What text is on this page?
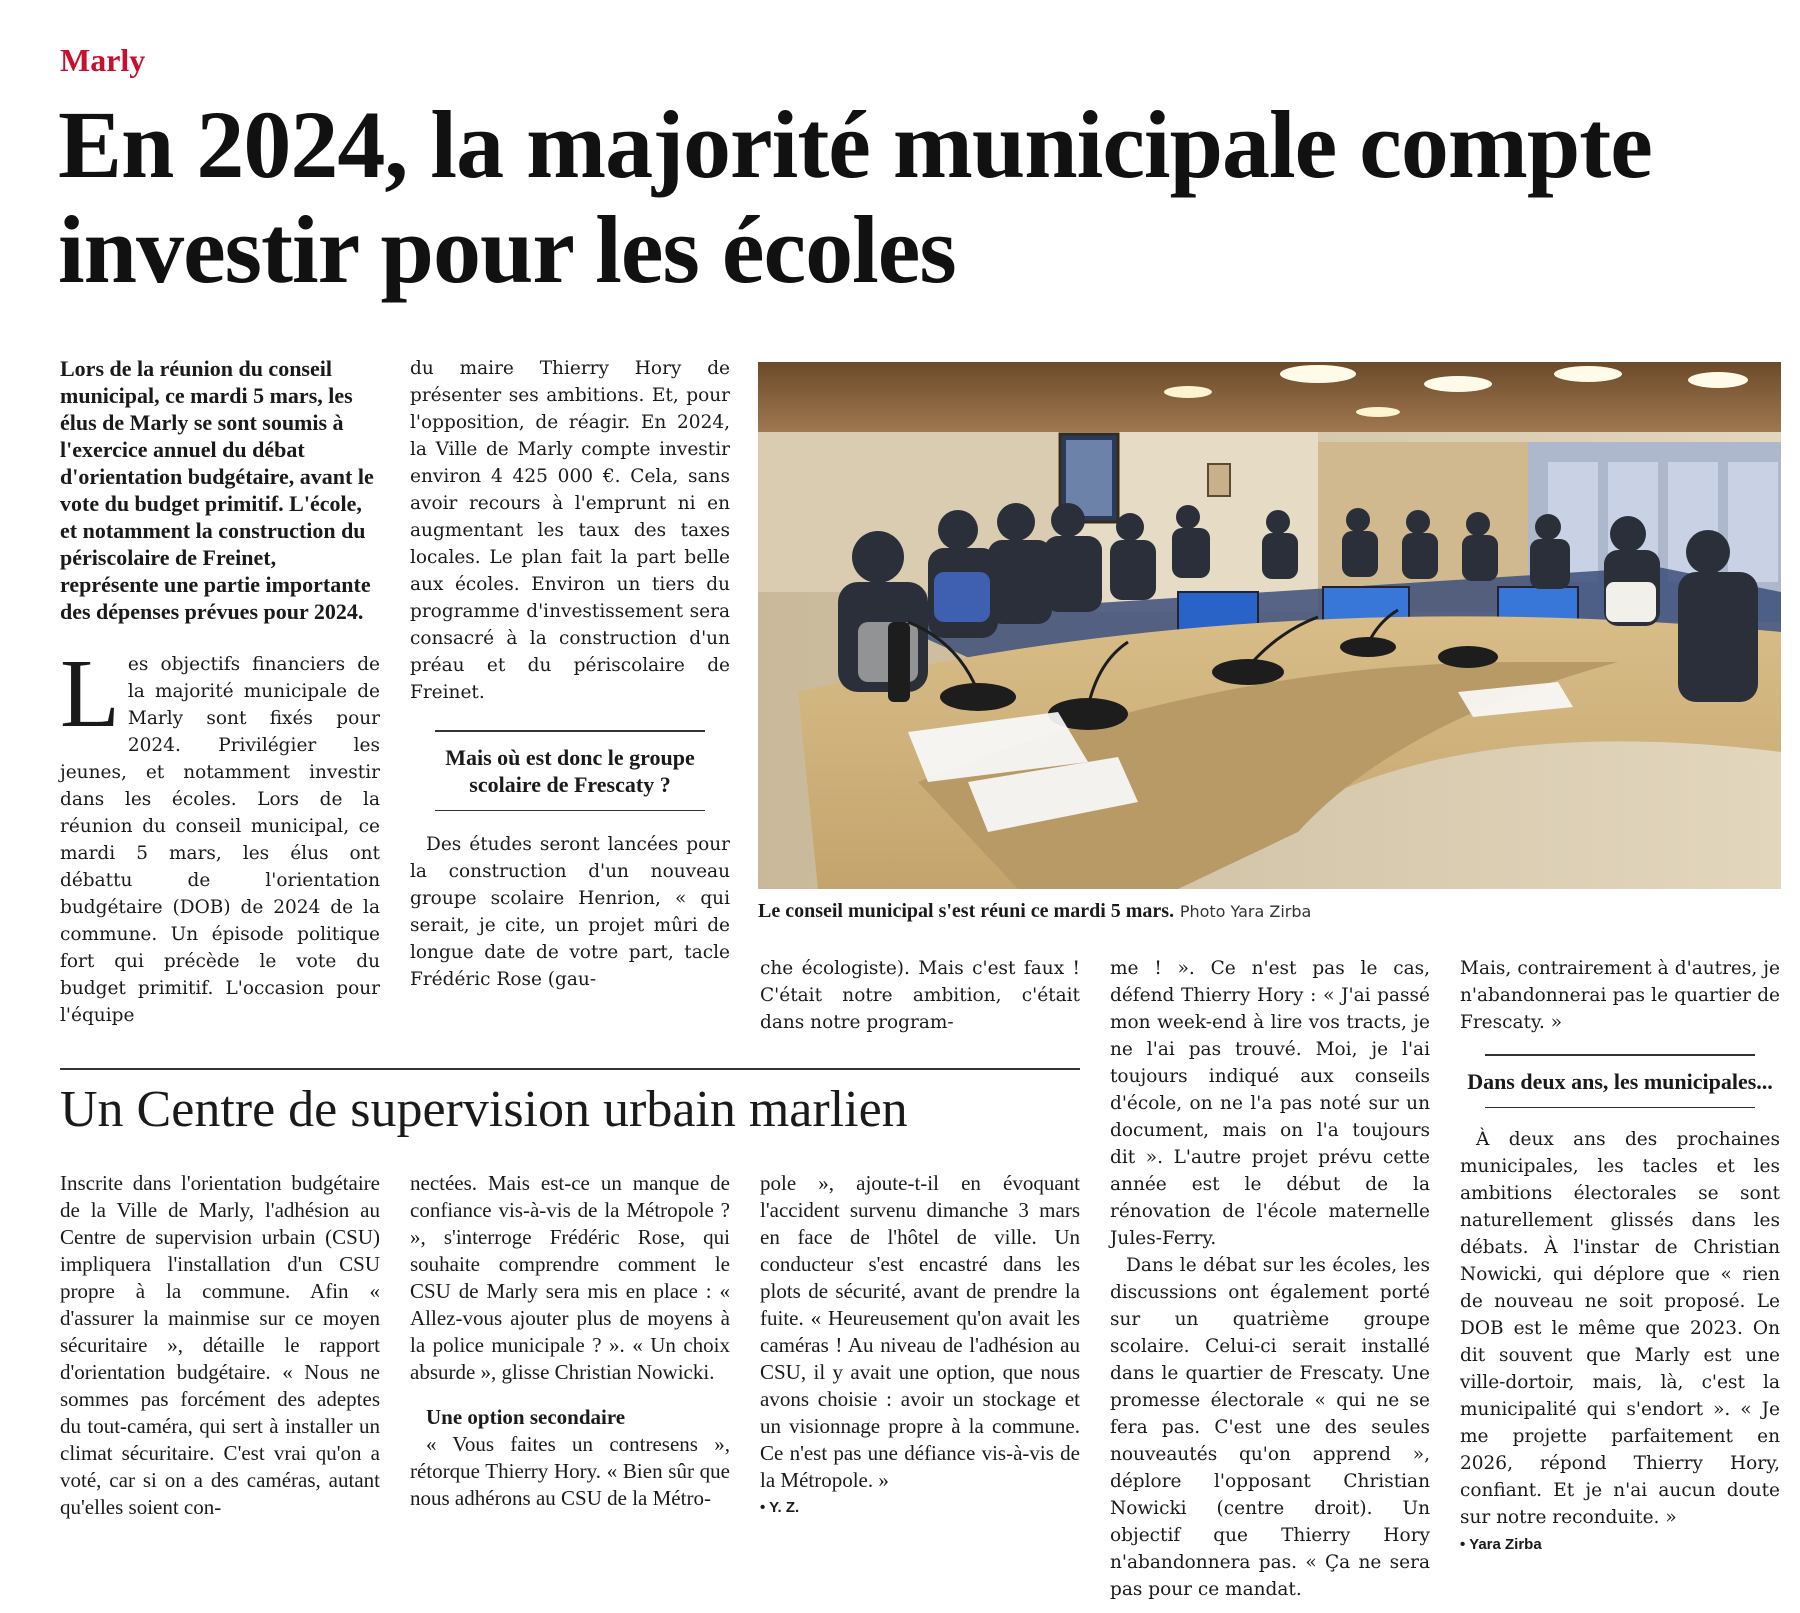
Marly
En 2024, la majorité municipale compte investir pour les écoles
Lors de la réunion du conseil municipal, ce mardi 5 mars, les élus de Marly se sont soumis à l'exercice annuel du débat d'orientation budgétaire, avant le vote du budget primitif. L'école, et notamment la construction du périscolaire de Freinet, représente une partie importante des dépenses prévues pour 2024.
Les objectifs financiers de la majorité municipale de Marly sont fixés pour 2024. Privilégier les jeunes, et notamment investir dans les écoles. Lors de la réunion du conseil municipal, ce mardi 5 mars, les élus ont débattu de l'orientation budgétaire (DOB) de 2024 de la commune. Un épisode politique fort qui précède le vote du budget primitif. L'occasion pour l'équipe
du maire Thierry Hory de présenter ses ambitions. Et, pour l'opposition, de réagir. En 2024, la Ville de Marly compte investir environ 4 425 000 €. Cela, sans avoir recours à l'emprunt ni en augmentant les taux des taxes locales. Le plan fait la part belle aux écoles. Environ un tiers du programme d'investissement sera consacré à la construction d'un préau et du périscolaire de Freinet.
Mais où est donc le groupe scolaire de Frescaty ?
Des études seront lancées pour la construction d'un nouveau groupe scolaire Henrion, « qui serait, je cite, un projet mûri de longue date de votre part, tacle Frédéric Rose (gau-
Le conseil municipal s'est réuni ce mardi 5 mars. Photo Yara Zirba
che écologiste). Mais c'est faux ! C'était notre ambition, c'était dans notre program-
me ! ». Ce n'est pas le cas, défend Thierry Hory : « J'ai passé mon week-end à lire vos tracts, je ne l'ai pas trouvé. Moi, je l'ai toujours indiqué aux conseils d'école, on ne l'a pas noté sur un document, mais on l'a toujours dit ». L'autre projet prévu cette année est le début de la rénovation de l'école maternelle Jules-Ferry.
Dans le débat sur les écoles, les discussions ont également porté sur un quatrième groupe scolaire. Celui-ci serait installé dans le quartier de Frescaty. Une promesse électorale « qui ne se fera pas. C'est une des seules nouveautés qu'on apprend », déplore l'opposant Christian Nowicki (centre droit). Un objectif que Thierry Hory n'abandonnera pas. « Ça ne sera pas pour ce mandat.
Mais, contrairement à d'autres, je n'abandonnerai pas le quartier de Frescaty. »
Dans deux ans, les municipales...
À deux ans des prochaines municipales, les tacles et les ambitions électorales se sont naturellement glissés dans les débats. À l'instar de Christian Nowicki, qui déplore que « rien de nouveau ne soit proposé. Le DOB est le même que 2023. On dit souvent que Marly est une ville-dortoir, mais, là, c'est la municipalité qui s'endort ». « Je me projette parfaitement en 2026, répond Thierry Hory, confiant. Et je n'ai aucun doute sur notre reconduite. »
• Yara Zirba
Un Centre de supervision urbain marlien
Inscrite dans l'orientation budgétaire de la Ville de Marly, l'adhésion au Centre de supervision urbain (CSU) impliquera l'installation d'un CSU propre à la commune. Afin « d'assurer la mainmise sur ce moyen sécuritaire », détaille le rapport d'orientation budgétaire. « Nous ne sommes pas forcément des adeptes du tout-caméra, qui sert à installer un climat sécuritaire. C'est vrai qu'on a voté, car si on a des caméras, autant qu'elles soient con-
nectées. Mais est-ce un manque de confiance vis-à-vis de la Métropole ? », s'interroge Frédéric Rose, qui souhaite comprendre comment le CSU de Marly sera mis en place : « Allez-vous ajouter plus de moyens à la police municipale ? ». « Un choix absurde », glisse Christian Nowicki.
Une option secondaire
« Vous faites un contresens », rétorque Thierry Hory. « Bien sûr que nous adhérons au CSU de la Métro-
pole », ajoute-t-il en évoquant l'accident survenu dimanche 3 mars en face de l'hôtel de ville. Un conducteur s'est encastré dans les plots de sécurité, avant de prendre la fuite. « Heureusement qu'on avait les caméras ! Au niveau de l'adhésion au CSU, il y avait une option, que nous avons choisie : avoir un stockage et un visionnage propre à la commune. Ce n'est pas une défiance vis-à-vis de la Métropole. »
• Y. Z.
